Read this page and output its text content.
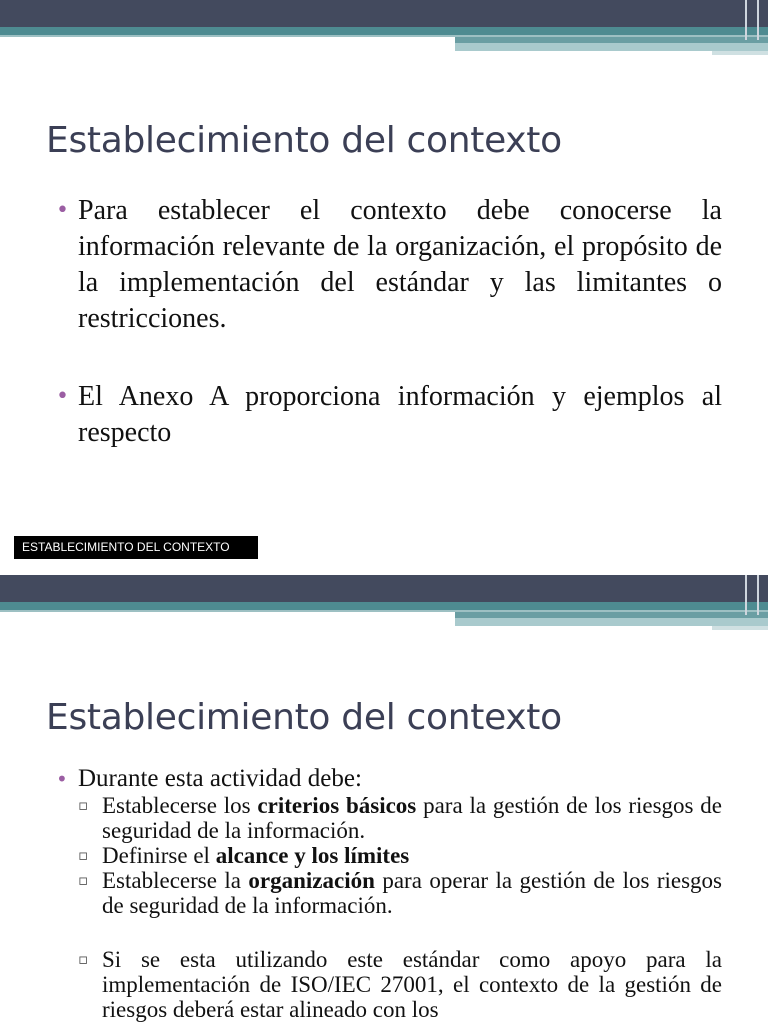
Establecimiento del contexto
• Para establecer el contexto debe conocerse la información relevante de la organización, el propósito de la implementación del estándar y las limitantes o restricciones.
• El Anexo A proporciona información y ejemplos al respecto
ESTABLECIMIENTO DEL CONTEXTO
Establecimiento del contexto
• Durante esta actividad debe:
▫ Establecerse los criterios básicos para la gestión de los riesgos de seguridad de la información.
▫ Definirse el alcance y los límites
▫ Establecerse la organización para operar la gestión de los riesgos de seguridad de la información.
▫ Si se esta utilizando este estándar como apoyo para la implementación de ISO/IEC 27001, el contexto de la gestión de riesgos deberá estar alineado con los
